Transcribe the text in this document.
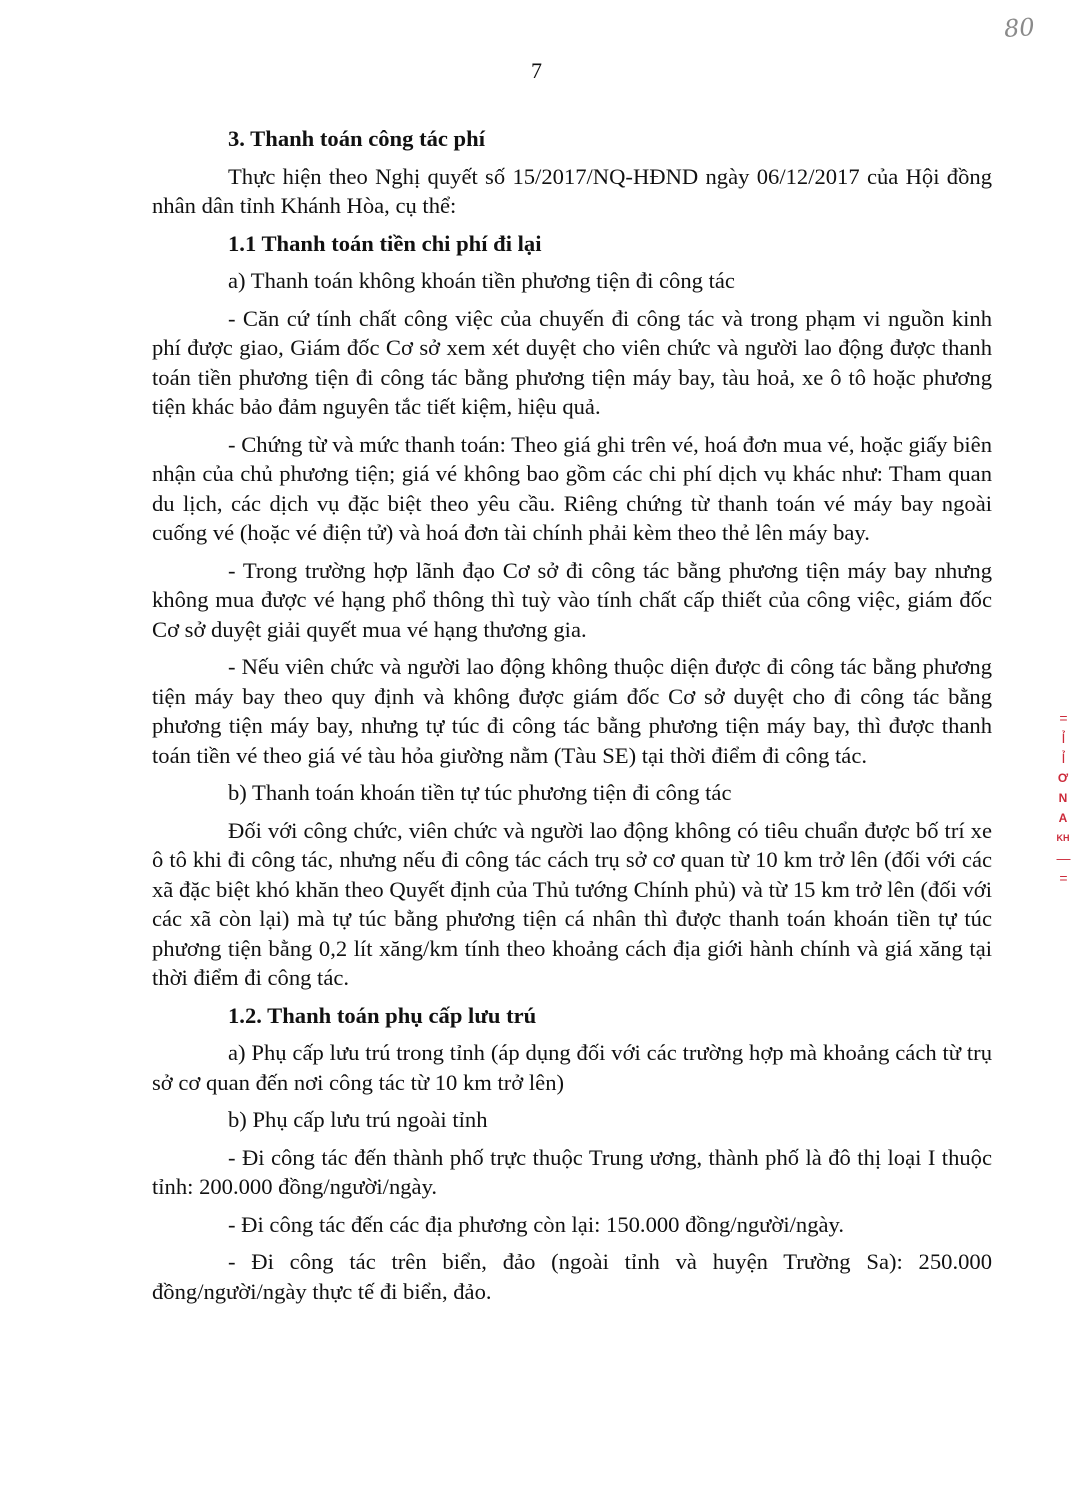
80
7
=
Ỉ
Ỉ
Ơ
N
A
KH
—
=

3. Thanh toán công tác phí

Thực hiện theo Nghị quyết số 15/2017/NQ-HĐND ngày 06/12/2017 của Hội đồng nhân dân tỉnh Khánh Hòa, cụ thể:

1.1 Thanh toán tiền chi phí đi lại

a) Thanh toán không khoán tiền phương tiện đi công tác

- Căn cứ tính chất công việc của chuyến đi công tác và trong phạm vi nguồn kinh phí được giao, Giám đốc Cơ sở xem xét duyệt cho viên chức và người lao động được thanh toán tiền phương tiện đi công tác bằng phương tiện máy bay, tàu hoả, xe ô tô hoặc phương tiện khác bảo đảm nguyên tắc tiết kiệm, hiệu quả.

- Chứng từ và mức thanh toán: Theo giá ghi trên vé, hoá đơn mua vé, hoặc giấy biên nhận của chủ phương tiện; giá vé không bao gồm các chi phí dịch vụ khác như: Tham quan du lịch, các dịch vụ đặc biệt theo yêu cầu. Riêng chứng từ thanh toán vé máy bay ngoài cuống vé (hoặc vé điện tử) và hoá đơn tài chính phải kèm theo thẻ lên máy bay.

- Trong trường hợp lãnh đạo Cơ sở đi công tác bằng phương tiện máy bay nhưng không mua được vé hạng phổ thông thì tuỳ vào tính chất cấp thiết của công việc, giám đốc Cơ sở duyệt giải quyết mua vé hạng thương gia.

- Nếu viên chức và người lao động không thuộc diện được đi công tác bằng phương tiện máy bay theo quy định và không được giám đốc Cơ sở duyệt cho đi công tác bằng phương tiện máy bay, nhưng tự túc đi công tác bằng phương tiện máy bay, thì được thanh toán tiền vé theo giá vé tàu hỏa giường nằm (Tàu SE) tại thời điểm đi công tác.

b) Thanh toán khoán tiền tự túc phương tiện đi công tác

Đối với công chức, viên chức và người lao động không có tiêu chuẩn được bố trí xe ô tô khi đi công tác, nhưng nếu đi công tác cách trụ sở cơ quan từ 10 km trở lên (đối với các xã đặc biệt khó khăn theo Quyết định của Thủ tướng Chính phủ) và từ 15 km trở lên (đối với các xã còn lại) mà tự túc bằng phương tiện cá nhân thì được thanh toán khoán tiền tự túc phương tiện bằng 0,2 lít xăng/km tính theo khoảng cách địa giới hành chính và giá xăng tại thời điểm đi công tác.

1.2. Thanh toán phụ cấp lưu trú

a) Phụ cấp lưu trú trong tỉnh (áp dụng đối với các trường hợp mà khoảng cách từ trụ sở cơ quan đến nơi công tác từ 10 km trở lên)

b) Phụ cấp lưu trú ngoài tỉnh

- Đi công tác đến thành phố trực thuộc Trung ương, thành phố là đô thị loại I thuộc tỉnh: 200.000 đồng/người/ngày.

- Đi công tác đến các địa phương còn lại: 150.000 đồng/người/ngày.

- Đi công tác trên biển, đảo (ngoài tỉnh và huyện Trường Sa): 250.000 đồng/người/ngày thực tế đi biển, đảo.
